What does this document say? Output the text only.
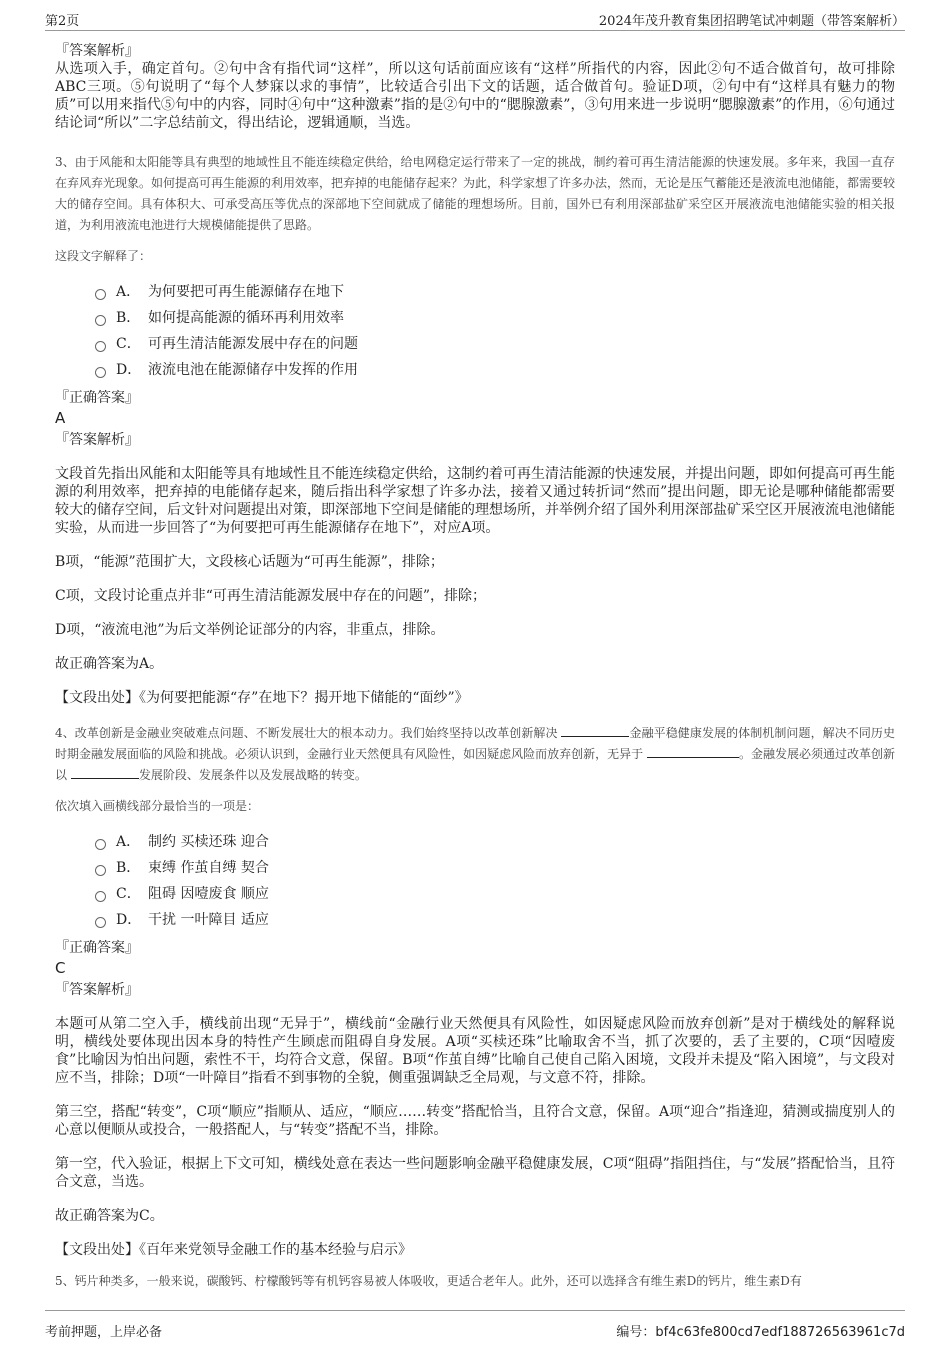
第2页	2024年茂升教育集团招聘笔试冲刺题（带答案解析）

『答案解析』

从选项入手，确定首句。②句中含有指代词“这样”，所以这句话前面应该有“这样”所指代的内容，因此②句不适合做首句，故可排除ABC三项。⑤句说明了“每个人梦寐以求的事情”，比较适合引出下文的话题，适合做首句。验证D项，②句中有“这样具有魅力的物质”可以用来指代⑤句中的内容，同时④句中“这种激素”指的是②句中的“腮腺激素”，③句用来进一步说明“腮腺激素”的作用，⑥句通过结论词“所以”二字总结前文，得出结论，逻辑通顺，当选。

3、由于风能和太阳能等具有典型的地域性且不能连续稳定供给，给电网稳定运行带来了一定的挑战，制约着可再生清洁能源的快速发展。多年来，我国一直存在弃风弃光现象。如何提高可再生能源的利用效率，把弃掉的电能储存起来？为此，科学家想了许多办法，然而，无论是压气蓄能还是液流电池储能，都需要较大的储存空间。具有体积大、可承受高压等优点的深部地下空间就成了储能的理想场所。目前，国外已有利用深部盐矿采空区开展液流电池储能实验的相关报道，为利用液流电池进行大规模储能提供了思路。

这段文字解释了：

A． 为何要把可再生能源储存在地下
B． 如何提高能源的循环再利用效率
C． 可再生清洁能源发展中存在的问题
D． 液流电池在能源储存中发挥的作用

『正确答案』

A

『答案解析』

文段首先指出风能和太阳能等具有地域性且不能连续稳定供给，这制约着可再生清洁能源的快速发展，并提出问题，即如何提高可再生能源的利用效率，把弃掉的电能储存起来，随后指出科学家想了许多办法，接着又通过转折词“然而”提出问题，即无论是哪种储能都需要较大的储存空间，后文针对问题提出对策，即深部地下空间是储能的理想场所，并举例介绍了国外利用深部盐矿采空区开展液流电池储能实验，从而进一步回答了“为何要把可再生能源储存在地下”，对应A项。

B项，“能源”范围扩大，文段核心话题为“可再生能源”，排除；

C项，文段讨论重点并非“可再生清洁能源发展中存在的问题”，排除；

D项，“液流电池”为后文举例论证部分的内容，非重点，排除。

故正确答案为A。

【文段出处】《为何要把能源“存”在地下？揭开地下储能的“面纱”》

4、改革创新是金融业突破难点问题、不断发展壮大的根本动力。我们始终坚持以改革创新解决	金融平稳健康发展的体制机制问题，解决不同历史时期金融发展面临的风险和挑战。必须认识到，金融行业天然便具有风险性，如因疑虑风险而放弃创新，无异于	。金融发展必须通过改革创新以	发展阶段、发展条件以及发展战略的转变。

依次填入画横线部分最恰当的一项是：

A． 制约 买椟还珠 迎合
B． 束缚 作茧自缚 契合
C． 阻碍 因噎废食 顺应
D． 干扰 一叶障目 适应

『正确答案』

C

『答案解析』

本题可从第二空入手，横线前出现“无异于”，横线前“金融行业天然便具有风险性，如因疑虑风险而放弃创新”是对于横线处的解释说明，横线处要体现出因本身的特性产生顾虑而阻碍自身发展。A项“买椟还珠”比喻取舍不当，抓了次要的，丢了主要的，C项“因噎废食”比喻因为怕出问题，索性不干，均符合文意，保留。B项“作茧自缚”比喻自己使自己陷入困境，文段并未提及“陷入困境”，与文段对应不当，排除；D项“一叶障目”指看不到事物的全貌，侧重强调缺乏全局观，与文意不符，排除。

第三空，搭配“转变”，C项“顺应”指顺从、适应，“顺应……转变”搭配恰当，且符合文意，保留。A项“迎合”指逢迎，猜测或揣度别人的心意以便顺从或投合，一般搭配人，与“转变”搭配不当，排除。

第一空，代入验证，根据上下文可知，横线处意在表达一些问题影响金融平稳健康发展，C项“阻碍”指阻挡住，与“发展”搭配恰当，且符合文意，当选。

故正确答案为C。

【文段出处】《百年来党领导金融工作的基本经验与启示》

5、钙片种类多，一般来说，碳酸钙、柠檬酸钙等有机钙容易被人体吸收，更适合老年人。此外，还可以选择含有维生素D的钙片，维生素D有

考前押题，上岸必备	编号：bf4c63fe800cd7edf188726563961c7d
